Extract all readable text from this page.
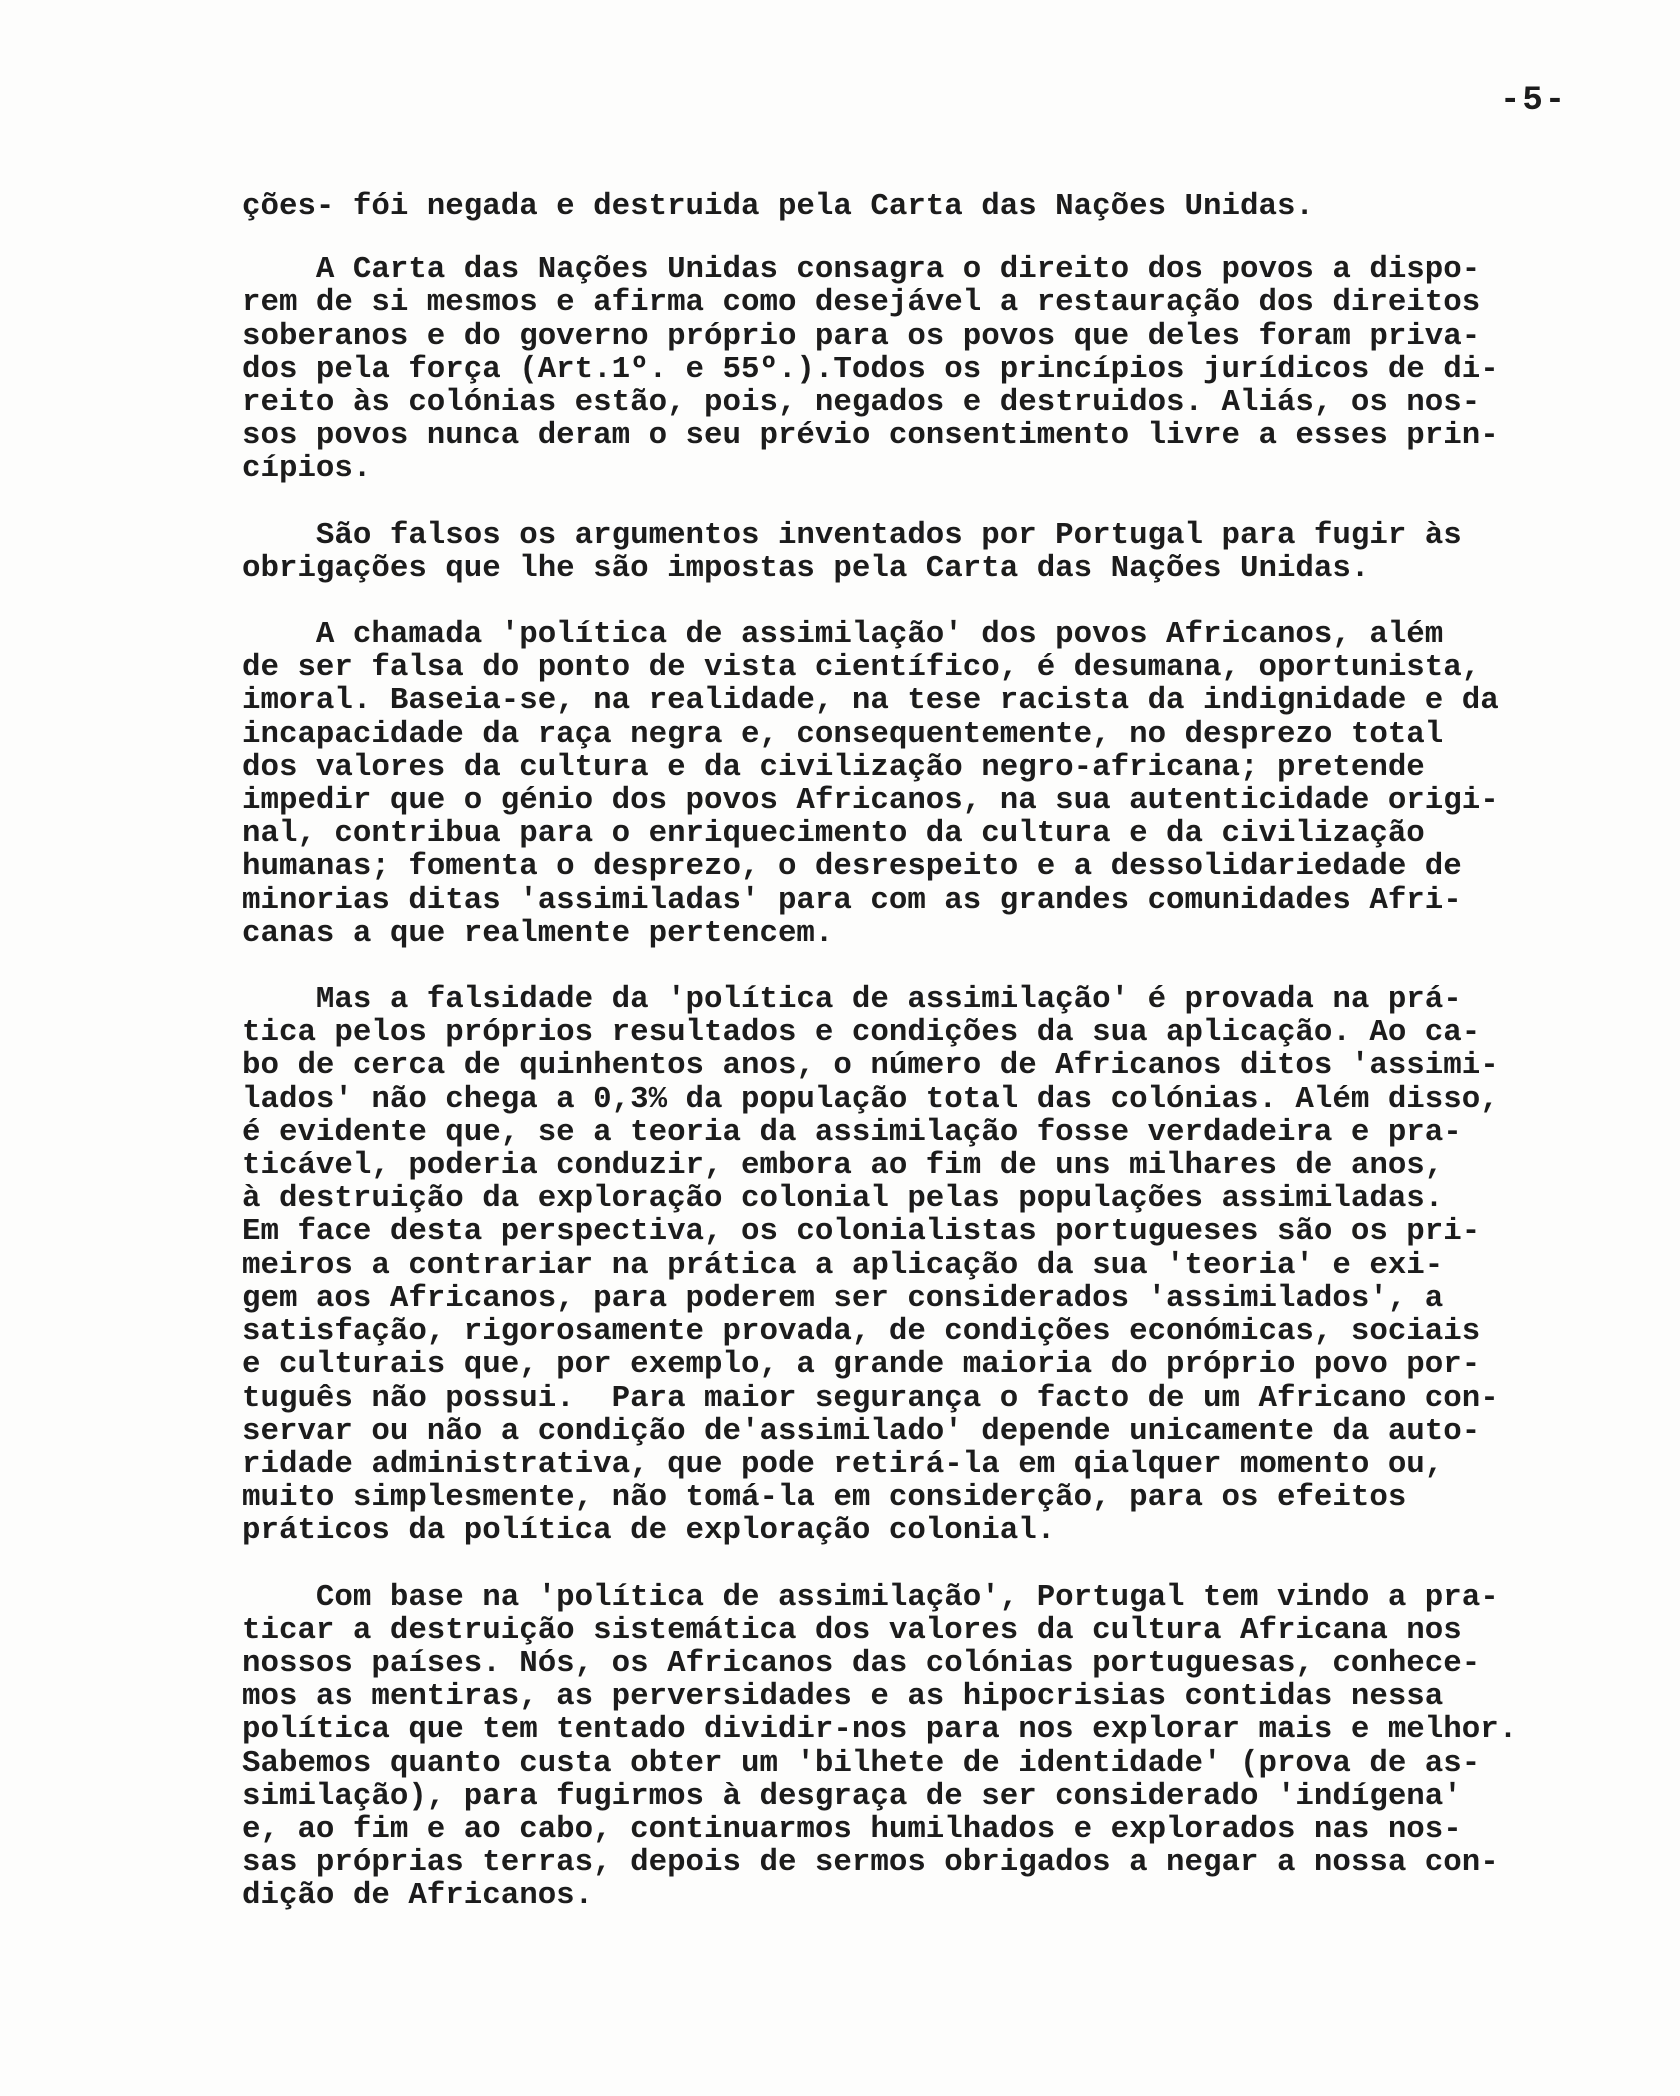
-5-
ções- fói negada e destruida pela Carta das Nações Unidas.
A Carta das Nações Unidas consagra o direito dos povos a dispo-
rem de si mesmos e afirma como desejável a restauração dos direitos
soberanos e do governo próprio para os povos que deles foram priva-
dos pela força (Art.1º. e 55º.).Todos os princípios jurídicos de di-
reito às colónias estão, pois, negados e destruidos. Aliás, os nos-
sos povos nunca deram o seu prévio consentimento livre a esses prin-
cípios.
São falsos os argumentos inventados por Portugal para fugir às
obrigações que lhe são impostas pela Carta das Nações Unidas.
A chamada 'política de assimilação' dos povos Africanos, além
de ser falsa do ponto de vista científico, é desumana, oportunista,
imoral. Baseia-se, na realidade, na tese racista da indignidade e da
incapacidade da raça negra e, consequentemente, no desprezo total
dos valores da cultura e da civilização negro-africana; pretende
impedir que o génio dos povos Africanos, na sua autenticidade origi-
nal, contribua para o enriquecimento da cultura e da civilização
humanas; fomenta o desprezo, o desrespeito e a dessolidariedade de
minorias ditas 'assimiladas' para com as grandes comunidades Afri-
canas a que realmente pertencem.
Mas a falsidade da 'política de assimilação' é provada na prá-
tica pelos próprios resultados e condições da sua aplicação. Ao ca-
bo de cerca de quinhentos anos, o número de Africanos ditos 'assimi-
lados' não chega a 0,3% da população total das colónias. Além disso,
é evidente que, se a teoria da assimilação fosse verdadeira e pra-
ticável, poderia conduzir, embora ao fim de uns milhares de anos,
à destruição da exploração colonial pelas populações assimiladas.
Em face desta perspectiva, os colonialistas portugueses são os pri-
meiros a contrariar na prática a aplicação da sua 'teoria' e exi-
gem aos Africanos, para poderem ser considerados 'assimilados', a
satisfação, rigorosamente provada, de condições económicas, sociais
e culturais que, por exemplo, a grande maioria do próprio povo por-
tuguês não possui.  Para maior segurança o facto de um Africano con-
servar ou não a condição de'assimilado' depende unicamente da auto-
ridade administrativa, que pode retirá-la em qialquer momento ou,
muito simplesmente, não tomá-la em considerção, para os efeitos
práticos da política de exploração colonial.
Com base na 'política de assimilação', Portugal tem vindo a pra-
ticar a destruição sistemática dos valores da cultura Africana nos
nossos países. Nós, os Africanos das colónias portuguesas, conhece-
mos as mentiras, as perversidades e as hipocrisias contidas nessa
política que tem tentado dividir-nos para nos explorar mais e melhor.
Sabemos quanto custa obter um 'bilhete de identidade' (prova de as-
similação), para fugirmos à desgraça de ser considerado 'indígena'
e, ao fim e ao cabo, continuarmos humilhados e explorados nas nos-
sas próprias terras, depois de sermos obrigados a negar a nossa con-
dição de Africanos.
